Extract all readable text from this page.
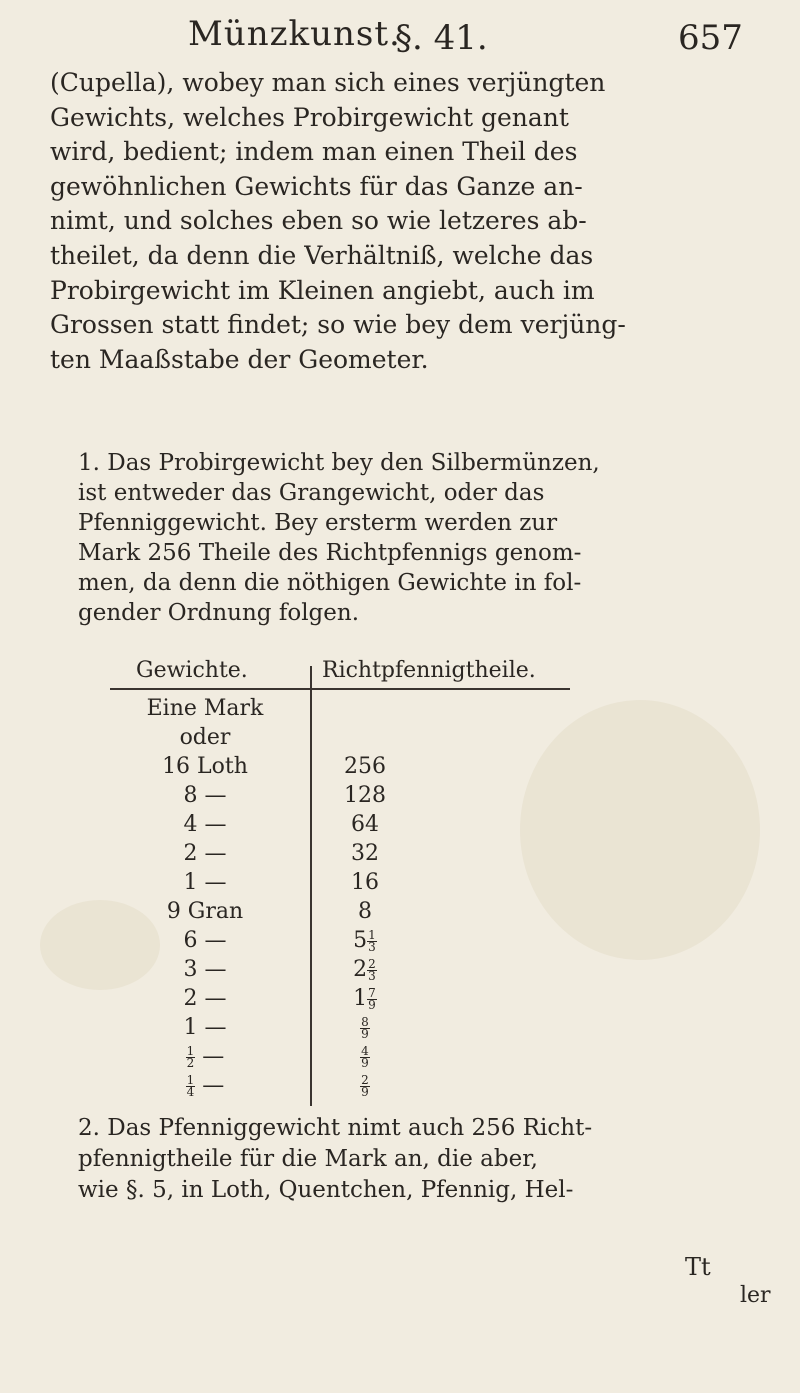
Münzkunst.
§. 41.	657
(Cupella), wobey man sich eines verjüngten
Gewichts, welches Probirgewicht genant
wird, bedient; indem man einen Theil des
gewöhnlichen Gewichts für das Ganze an-
nimt, und solches eben so wie letzeres ab-
theilet, da denn die Verhältniß, welche das
Probirgewicht im Kleinen angiebt, auch im
Grossen statt findet; so wie bey dem verjüng-
ten Maaßstabe der Geometer.
1. Das Probirgewicht bey den Silbermünzen,
ist entweder das Grangewicht, oder das
Pfenniggewicht. Bey ersterm werden zur
Mark 256 Theile des Richtpfennigs genom-
men, da denn die nöthigen Gewichte in fol-
gender Ordnung folgen.
Gewichte.	Richtpfennigtheile.
Eine Mark
oder
16 Loth	256
8 —	128
4 —	64
2 —	32
1 —	16
9 Gran	8
6 —	$5 \frac{1}{3}$
3 —	$2 \frac{2}{3}$
2 —	$1 \frac{7}{9}$
1 —	$\frac{8}{9}$
$\frac{1}{2}$ —	$\frac{4}{9}$
$\frac{1}{4}$ —	$\frac{2}{9}$
2. Das Pfenniggewicht nimt auch 256 Richt-
pfennigtheile für die Mark an, die aber,
wie §. 5, in Loth, Quentchen, Pfennig, Hel-
Tt
ler
